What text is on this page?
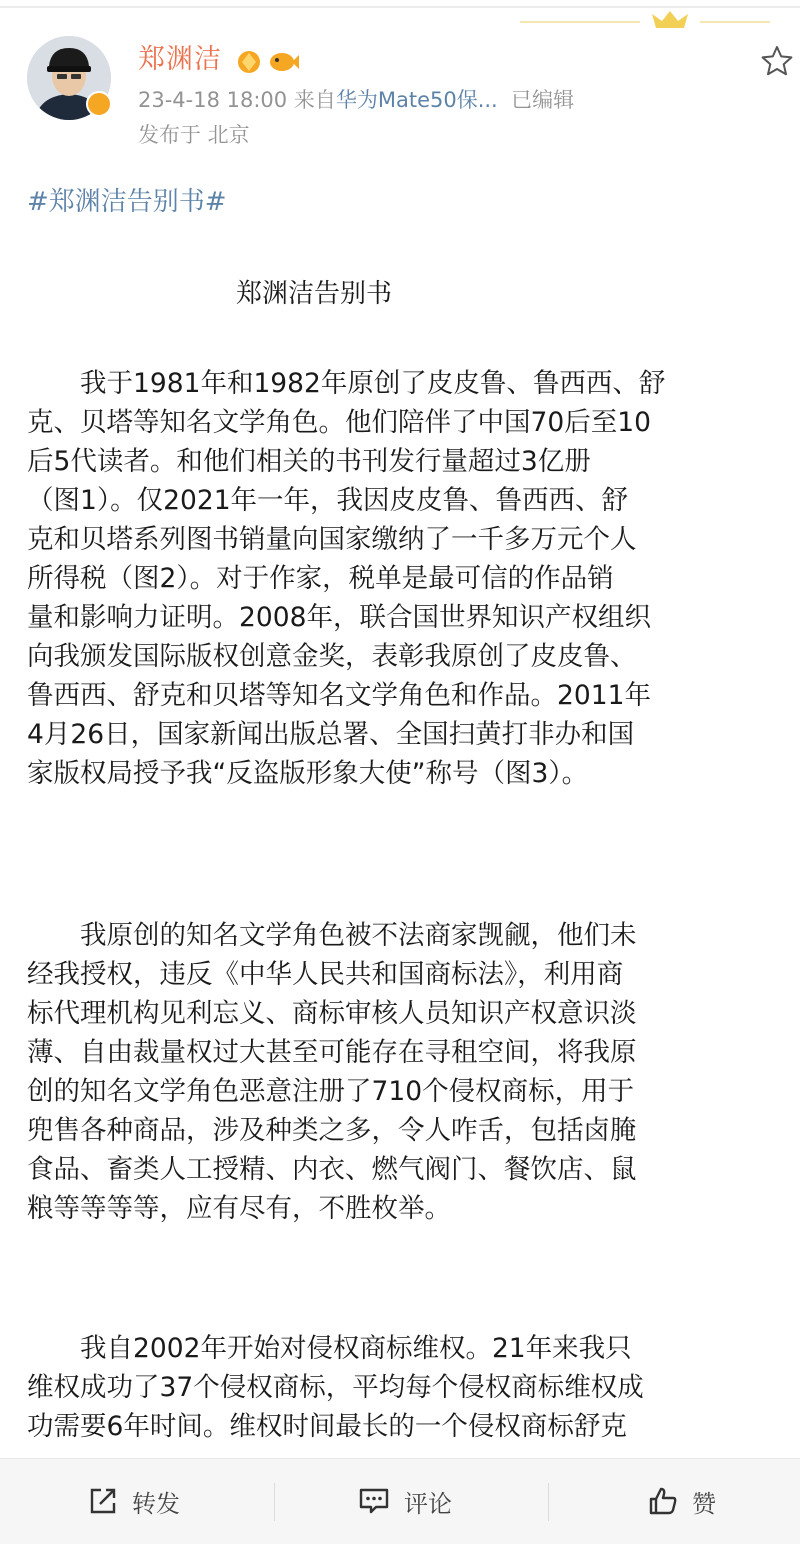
郑渊洁
23-4-18 18:00 来自华为Mate50保... 已编辑
发布于 北京
#郑渊洁告别书#
郑渊洁告别书
　　我于1981年和1982年原创了皮皮鲁、鲁西西、舒
克、贝塔等知名文学角色。他们陪伴了中国70后至10
后5代读者。和他们相关的书刊发行量超过3亿册
（图1）。仅2021年一年，我因皮皮鲁、鲁西西、舒
克和贝塔系列图书销量向国家缴纳了一千多万元个人
所得税（图2）。对于作家，税单是最可信的作品销
量和影响力证明。2008年，联合国世界知识产权组织
向我颁发国际版权创意金奖，表彰我原创了皮皮鲁、
鲁西西、舒克和贝塔等知名文学角色和作品。2011年
4月26日，国家新闻出版总署、全国扫黄打非办和国
家版权局授予我“反盗版形象大使”称号（图3）。
　　我原创的知名文学角色被不法商家觊觎，他们未
经我授权，违反《中华人民共和国商标法》，利用商
标代理机构见利忘义、商标审核人员知识产权意识淡
薄、自由裁量权过大甚至可能存在寻租空间，将我原
创的知名文学角色恶意注册了710个侵权商标，用于
兜售各种商品，涉及种类之多，令人咋舌，包括卤腌
食品、畜类人工授精、内衣、燃气阀门、餐饮店、鼠
粮等等等等，应有尽有，不胜枚举。
　　我自2002年开始对侵权商标维权。21年来我只
维权成功了37个侵权商标，平均每个侵权商标维权成
功需要6年时间。维权时间最长的一个侵权商标舒克
转发	评论	赞
